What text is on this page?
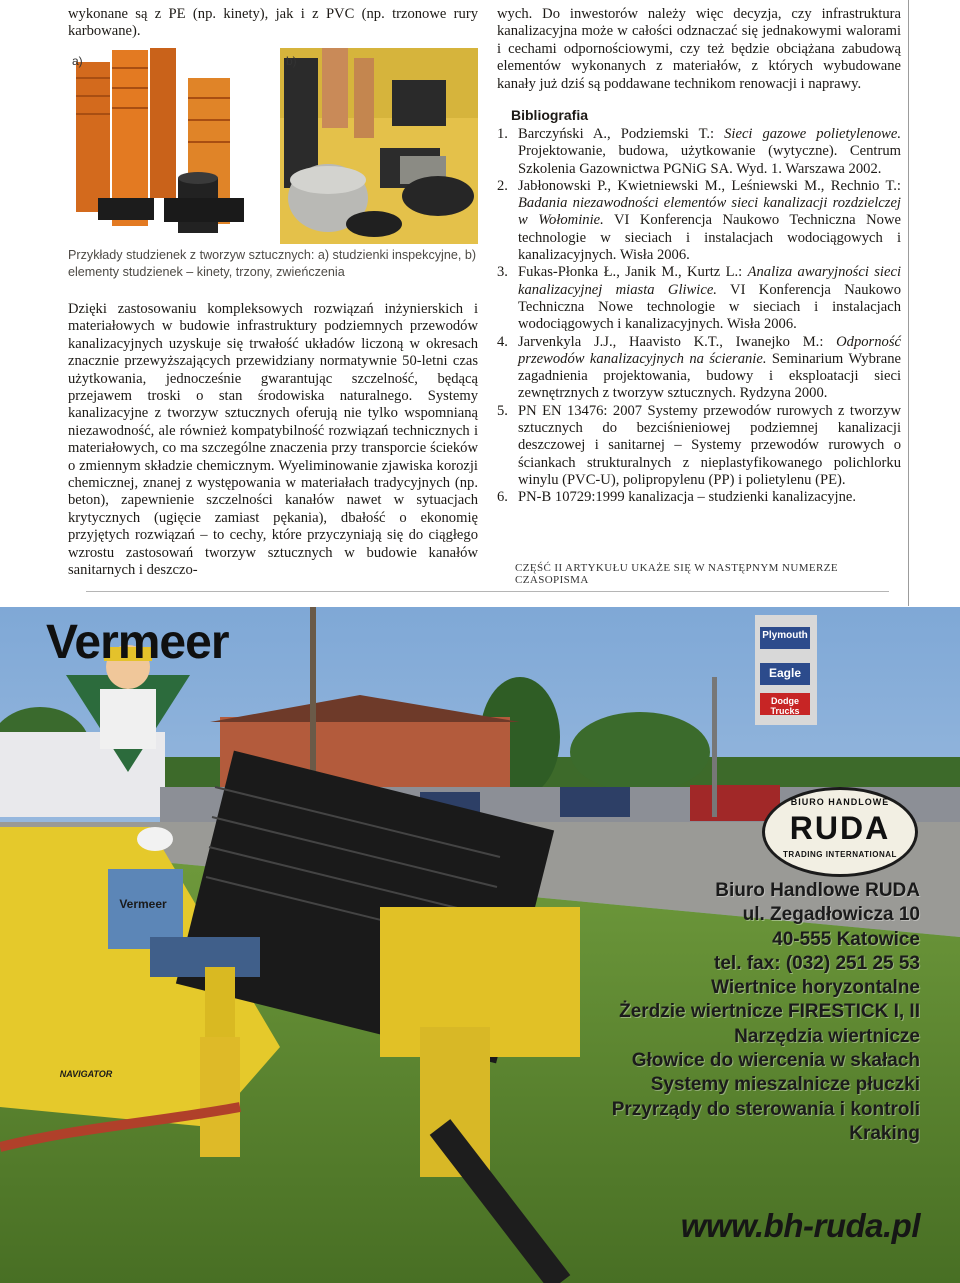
wykonane są z PE (np. kinety), jak i z PVC (np. trzonowe rury karbowane).

a)	b)
Przykłady studzienek z tworzyw sztucznych: a) studzienki inspekcyjne, b) elementy studzienek – kinety, trzony, zwieńczenia

Dzięki zastosowaniu kompleksowych rozwiązań inżynierskich i materiałowych w budowie infrastruktury podziemnych przewodów kanalizacyjnych uzyskuje się trwałość układów liczoną w okresach znacznie przewyższających przewidziany normatywnie 50-letni czas użytkowania, jednocześnie gwarantując szczelność, będącą przejawem troski o stan środowiska naturalnego. Systemy kanalizacyjne z tworzyw sztucznych oferują nie tylko wspomnianą niezawodność, ale również kompatybilność rozwiązań technicznych i materiałowych, co ma szczególne znaczenia przy transporcie ścieków o zmiennym składzie chemicznym. Wyeliminowanie zjawiska korozji chemicznej, znanej z występowania w materiałach tradycyjnych (np. beton), zapewnienie szczelności kanałów nawet w sytuacjach krytycznych (ugięcie zamiast pękania), dbałość o ekonomię przyjętych rozwiązań – to cechy, które przyczyniają się do ciągłego wzrostu zastosowań tworzyw sztucznych w budowie kanałów sanitarnych i deszczo-

wych. Do inwestorów należy więc decyzja, czy infrastruktura kanalizacyjna może w całości odznaczać się jednakowymi walorami i cechami odpornościowymi, czy też będzie obciążana zabudową elementów wykonanych z materiałów, z których wybudowane kanały już dziś są poddawane technikom renowacji i naprawy.

Bibliografia
1. Barczyński A., Podziemski T.: Sieci gazowe polietylenowe. Projektowanie, budowa, użytkowanie (wytyczne). Centrum Szkolenia Gazownictwa PGNiG SA. Wyd. 1. Warszawa 2002.
2. Jabłonowski P., Kwietniewski M., Leśniewski M., Rechnio T.: Badania niezawodności elementów sieci kanalizacji rozdzielczej w Wołominie. VI Konferencja Naukowo Techniczna Nowe technologie w sieciach i instalacjach wodociągowych i kanalizacyjnych. Wisła 2006.
3. Fukas-Płonka Ł., Janik M., Kurtz L.: Analiza awaryjności sieci kanalizacyjnej miasta Gliwice. VI Konferencja Naukowo Techniczna Nowe technologie w sieciach i instalacjach wodociągowych i kanalizacyjnych. Wisła 2006.
4. Jarvenkyla J.J., Haavisto K.T., Iwanejko M.: Odporność przewodów kanalizacyjnych na ścieranie. Seminarium Wybrane zagadnienia projektowania, budowy i eksploatacji sieci zewnętrznych z tworzyw sztucznych. Rydzyna 2000.
5. PN EN 13476: 2007 Systemy przewodów rurowych z tworzyw sztucznych do bezciśnieniowej podziemnej kanalizacji deszczowej i sanitarnej – Systemy przewodów rurowych o ściankach strukturalnych z nieplastyfikowanego polichlorku winylu (PVC-U), polipropylenu (PP) i polietylenu (PE).
6. PN-B 10729:1999 kanalizacja – studzienki kanalizacyjne.
CZĘŚĆ II ARTYKUŁU UKAŻE SIĘ W NASTĘPNYM NUMERZE CZASOPISMA
Vermeer	Plymouth
Eagle
Dodge Trucks
Vermeer
NAVIGATOR
BIURO HANDLOWE
RUDA
TRADING INTERNATIONAL
Biuro Handlowe RUDA
ul. Zegadłowicza 10
40-555 Katowice
tel. fax: (032) 251 25 53
Wiertnice horyzontalne
Żerdzie wiertnicze FIRESTICK I, II
Narzędzia wiertnicze
Głowice do wiercenia w skałach
Systemy mieszalnicze płuczki
Przyrządy do sterowania i kontroli
Kraking
www.bh-ruda.pl
